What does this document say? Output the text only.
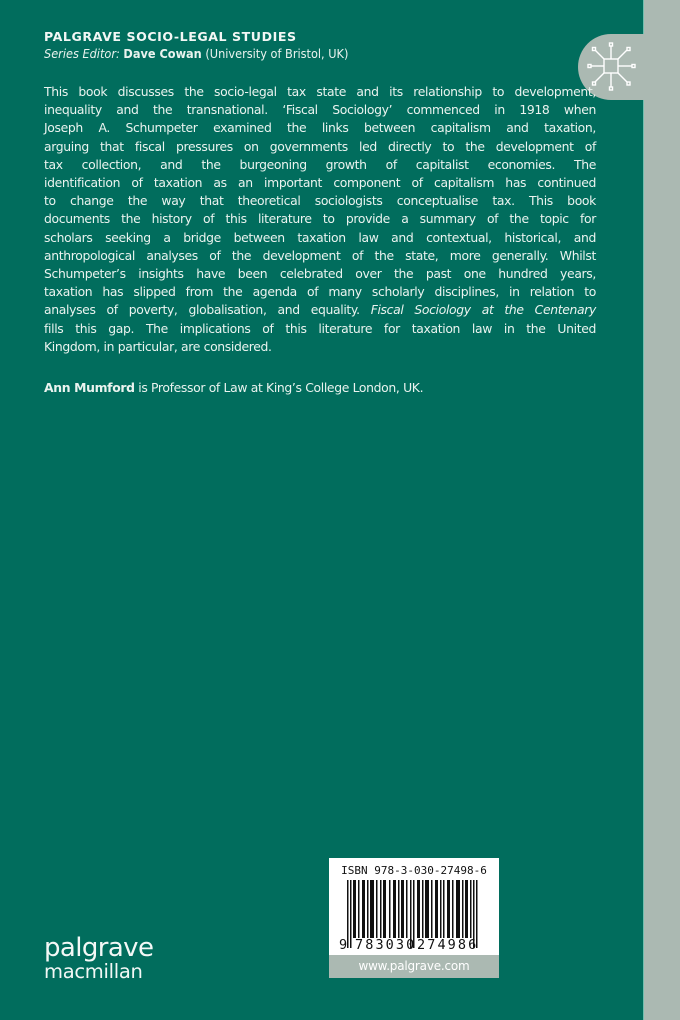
PALGRAVE SOCIO-LEGAL STUDIES
Series Editor: Dave Cowan (University of Bristol, UK)
This book discusses the socio-legal tax state and its relationship to development,
inequality and the transnational. ‘Fiscal Sociology’ commenced in 1918 when
Joseph A. Schumpeter examined the links between capitalism and taxation,
arguing that fiscal pressures on governments led directly to the development of
tax collection, and the burgeoning growth of capitalist economies. The
identification of taxation as an important component of capitalism has continued
to change the way that theoretical sociologists conceptualise tax. This book
documents the history of this literature to provide a summary of the topic for
scholars seeking a bridge between taxation law and contextual, historical, and
anthropological analyses of the development of the state, more generally. Whilst
Schumpeter’s insights have been celebrated over the past one hundred years,
taxation has slipped from the agenda of many scholarly disciplines, in relation to
analyses of poverty, globalisation, and equality. Fiscal Sociology at the Centenary
fills this gap. The implications of this literature for taxation law in the United
Kingdom, in particular, are considered.
Ann Mumford is Professor of Law at King’s College London, UK.
palgrave
macmillan
ISBN 978-3-030-27498-6
9 783030 274986
www.palgrave.com
